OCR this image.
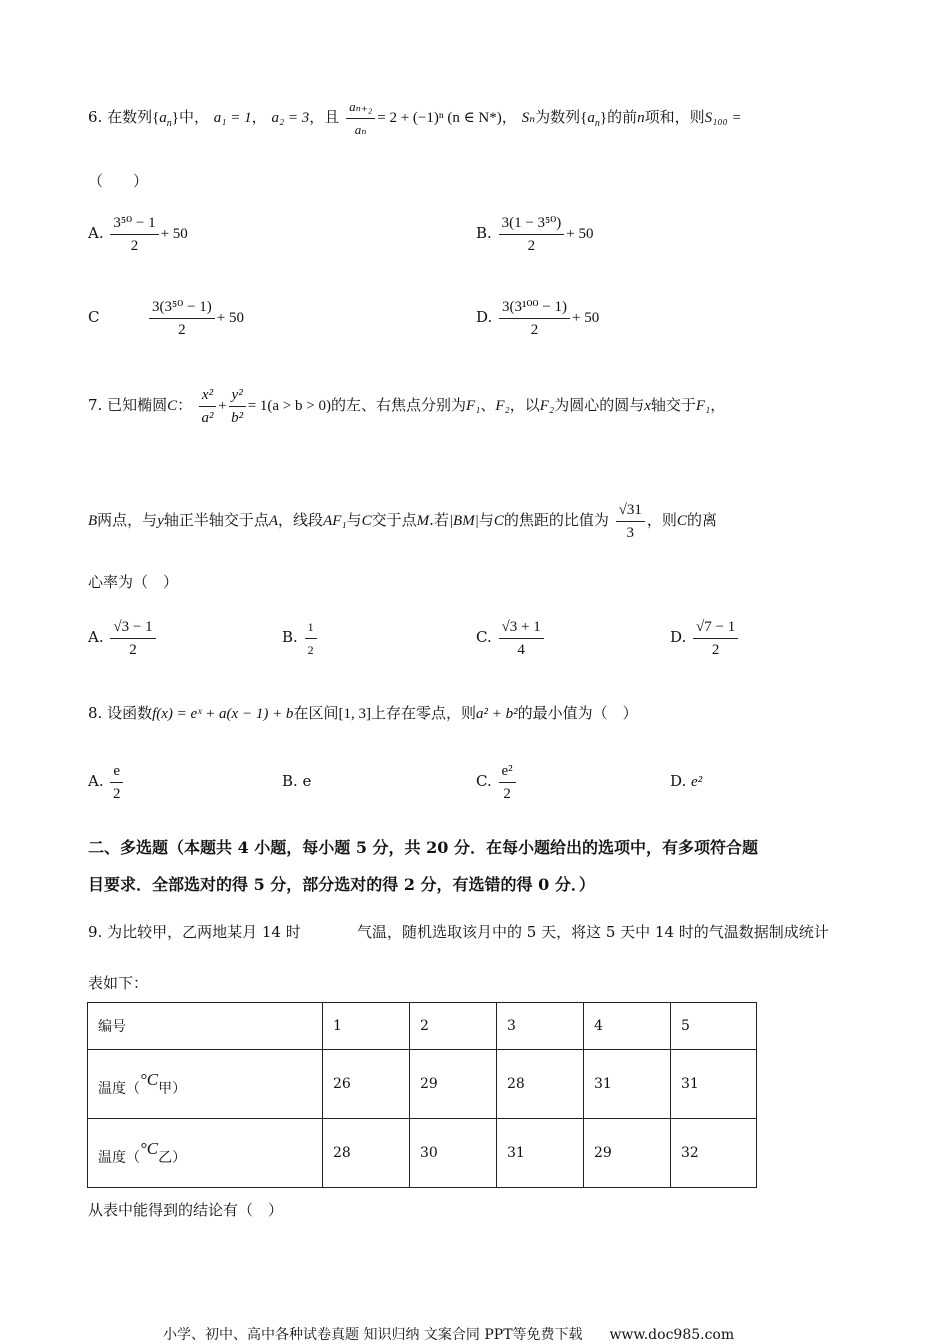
6. 在数列$\{a_n\}$中， a₁ = 1， a₂ = 3，且 $\frac{\text{aₙ₊₂}}{\text{aₙ}} = 2 + (-1)^n$ (n ∈ N*)， Sₙ为数列$\{a_n\}$的前n项和，则S₁₀₀ =
（　　）
A. $\frac{\text{3⁵⁰ − 1}}{2} + 50$	B. $\frac{\text{3(1 − 3⁵⁰)}}{2} + 50$
C	$\frac{\text{3(3⁵⁰ − 1)}}{2} + 50$	D. $\frac{\text{3(3¹⁰⁰ − 1)}}{2} + 50$
7. 已知椭圆C： $\frac{\text{x²}}{\text{a²}} + \frac{\text{y²}}{\text{b²}} = 1(a > b > 0)$的左、右焦点分别为F₁、F₂，以F₂为圆心的圆与x轴交于F₁，
B两点，与y轴正半轴交于点A，线段AF₁与C交于点M.若|BM|与C的焦距的比值为 $\frac{√31}{3}$ ，则C的离
心率为（　）
A. $\frac{√3 - 1}{2}$	B. $\frac{1}{2}$	C. $\frac{√3 + 1}{4}$	D. $\frac{√7 - 1}{2}$
8. 设函数f(x) = eˣ + a(x − 1) + b在区间[1, 3]上存在零点，则a² + b²的最小值为（　）
A. $\frac{e}{2}$	B. e	C. $\frac{\text{e²}}{2}$	D. e²
二、多选题（本题共 4 小题，每小题 5 分，共 20 分．在每小题给出的选项中，有多项符合题
目要求．全部选对的得 5 分，部分选对的得 2 分，有选错的得 0 分．）
9. 为比较甲，乙两地某月 14 时	气温，随机选取该月中的 5 天，将这 5 天中 14 时的气温数据制成统计
表如下：
编号	1	2	3	4	5
温度（°C甲）	26	29	28	31	31
温度（°C乙）	28	30	31	29	32
从表中能得到的结论有（　）
小学、初中、高中各种试卷真题 知识归纳 文案合同 PPT等免费下载 www.doc985.com
